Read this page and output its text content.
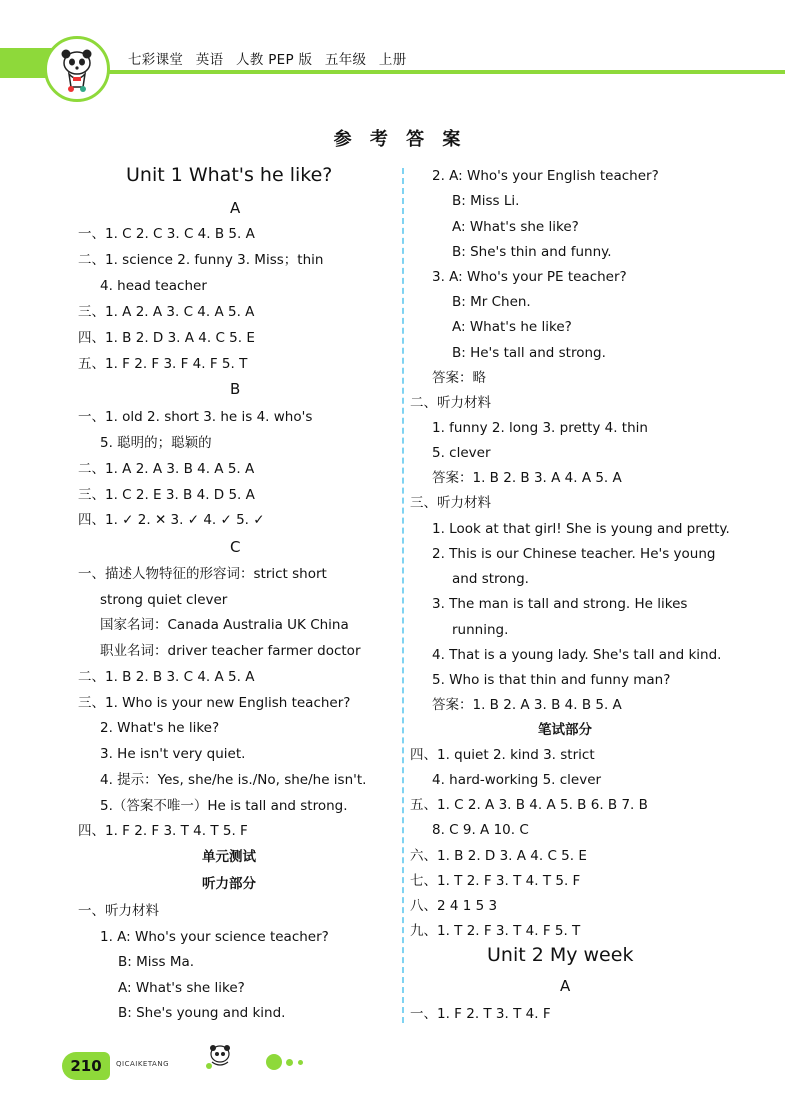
七彩课堂 英语 人教 PEP 版 五年级 上册
参 考 答 案
Unit 1 What's he like?
A
一、1. C 2. C 3. C 4. B 5. A
二、1. science 2. funny 3. Miss；thin
4. head teacher
三、1. A 2. A 3. C 4. A 5. A
四、1. B 2. D 3. A 4. C 5. E
五、1. F 2. F 3. F 4. F 5. T
B
一、1. old 2. short 3. he is 4. who's
5. 聪明的；聪颖的
二、1. A 2. A 3. B 4. A 5. A
三、1. C 2. E 3. B 4. D 5. A
四、1. ✓ 2. ✕ 3. ✓ 4. ✓ 5. ✓
C
一、描述人物特征的形容词：strict short
strong quiet clever
国家名词：Canada Australia UK China
职业名词：driver teacher farmer doctor
二、1. B 2. B 3. C 4. A 5. A
三、1. Who is your new English teacher?
2. What's he like?
3. He isn't very quiet.
4. 提示：Yes, she/he is./No, she/he isn't.
5.（答案不唯一）He is tall and strong.
四、1. F 2. F 3. T 4. T 5. F
单元测试
听力部分
一、听力材料
1. A: Who's your science teacher?
B: Miss Ma.
A: What's she like?
B: She's young and kind.
2. A: Who's your English teacher?
B: Miss Li.
A: What's she like?
B: She's thin and funny.
3. A: Who's your PE teacher?
B: Mr Chen.
A: What's he like?
B: He's tall and strong.
答案：略
二、听力材料
1. funny 2. long 3. pretty 4. thin
5. clever
答案：1. B 2. B 3. A 4. A 5. A
三、听力材料
1. Look at that girl! She is young and pretty.
2. This is our Chinese teacher. He's young
and strong.
3. The man is tall and strong. He likes
running.
4. That is a young lady. She's tall and kind.
5. Who is that thin and funny man?
答案：1. B 2. A 3. B 4. B 5. A
笔试部分
四、1. quiet 2. kind 3. strict
4. hard-working 5. clever
五、1. C 2. A 3. B 4. A 5. B 6. B 7. B
8. C 9. A 10. C
六、1. B 2. D 3. A 4. C 5. E
七、1. T 2. F 3. T 4. T 5. F
八、2 4 1 5 3
九、1. T 2. F 3. T 4. F 5. T
Unit 2 My week
A
一、1. F 2. T 3. T 4. F
210	QICAIKETANG
